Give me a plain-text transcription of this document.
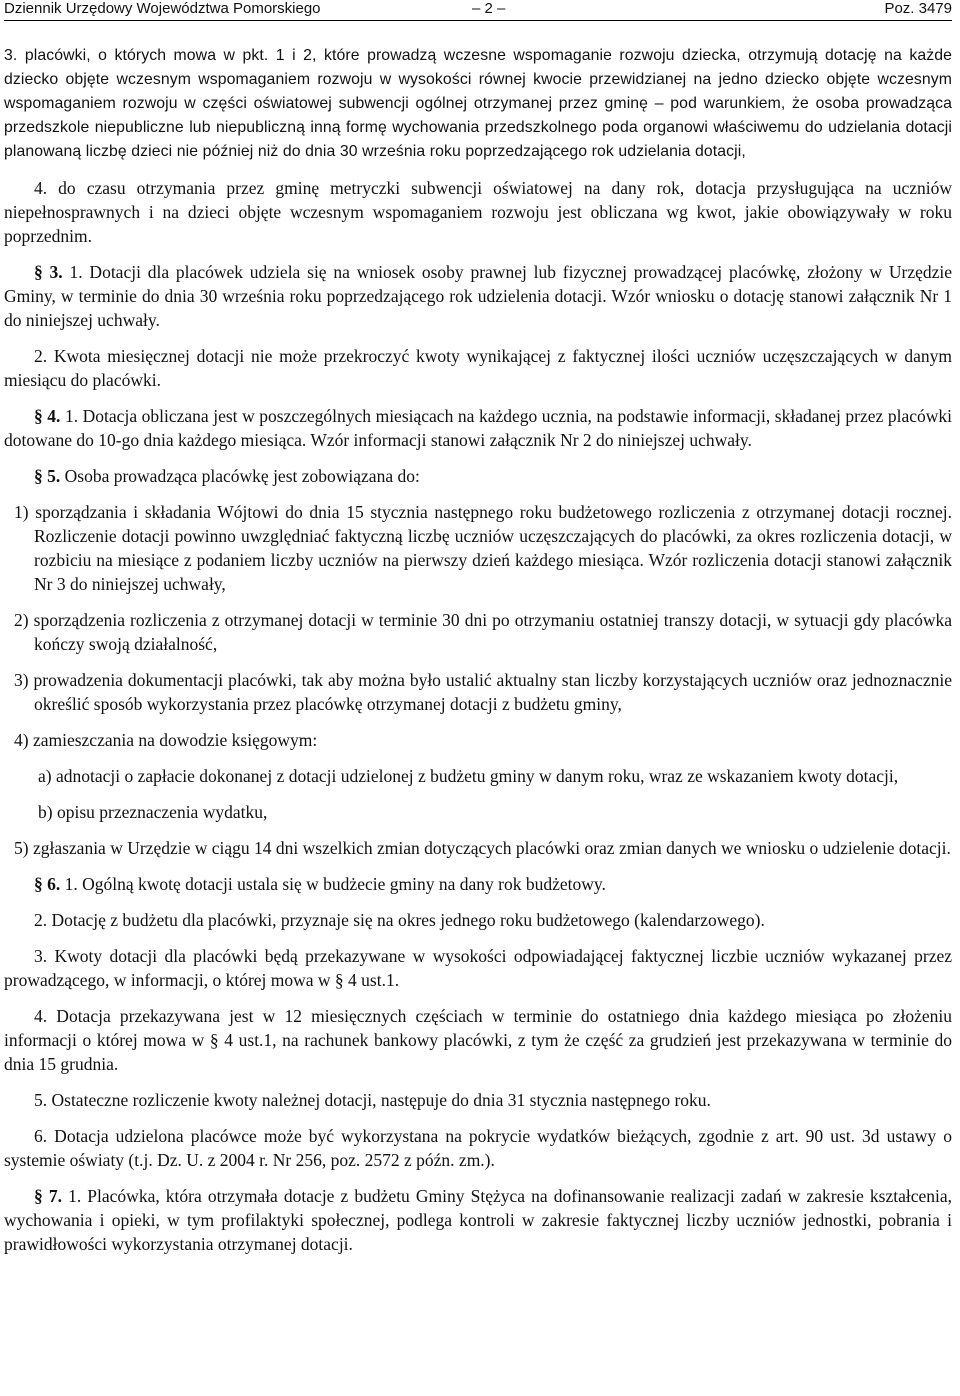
Dziennik Urzędowy Województwa Pomorskiego	– 2 –	Poz. 3479

3. placówki, o których mowa w pkt. 1 i 2, które prowadzą wczesne wspomaganie rozwoju dziecka, otrzymują dotację na każde dziecko objęte wczesnym wspomaganiem rozwoju w wysokości równej kwocie przewidzianej na jedno dziecko objęte wczesnym wspomaganiem rozwoju w części oświatowej subwencji ogólnej otrzymanej przez gminę – pod warunkiem, że osoba prowadząca przedszkole niepubliczne lub niepubliczną inną formę wychowania przedszkolnego poda organowi właściwemu do udzielania dotacji planowaną liczbę dzieci nie później niż do dnia 30 września roku poprzedzającego rok udzielania dotacji,

4. do czasu otrzymania przez gminę metryczki subwencji oświatowej na dany rok, dotacja przysługująca na uczniów niepełnosprawnych i na dzieci objęte wczesnym wspomaganiem rozwoju jest obliczana wg kwot, jakie obowiązywały w roku poprzednim.

§ 3. 1. Dotacji dla placówek udziela się na wniosek osoby prawnej lub fizycznej prowadzącej placówkę, złożony w Urzędzie Gminy, w terminie do dnia 30 września roku poprzedzającego rok udzielenia dotacji. Wzór wniosku o dotację stanowi załącznik Nr 1 do niniejszej uchwały.

2. Kwota miesięcznej dotacji nie może przekroczyć kwoty wynikającej z faktycznej ilości uczniów uczęszczających w danym miesiącu do placówki.

§ 4. 1. Dotacja obliczana jest w poszczególnych miesiącach na każdego ucznia, na podstawie informacji, składanej przez placówki dotowane do 10-go dnia każdego miesiąca. Wzór informacji stanowi załącznik Nr 2 do niniejszej uchwały.

§ 5. Osoba prowadząca placówkę jest zobowiązana do:

1) sporządzania i składania Wójtowi do dnia 15 stycznia następnego roku budżetowego rozliczenia z otrzymanej dotacji rocznej. Rozliczenie dotacji powinno uwzględniać faktyczną liczbę uczniów uczęszczających do placówki, za okres rozliczenia dotacji, w rozbiciu na miesiące z podaniem liczby uczniów na pierwszy dzień każdego miesiąca. Wzór rozliczenia dotacji stanowi załącznik Nr 3 do niniejszej uchwały,

2) sporządzenia rozliczenia z otrzymanej dotacji w terminie 30 dni po otrzymaniu ostatniej transzy dotacji, w sytuacji gdy placówka kończy swoją działalność,

3) prowadzenia dokumentacji placówki, tak aby można było ustalić aktualny stan liczby korzystających uczniów oraz jednoznacznie określić sposób wykorzystania przez placówkę otrzymanej dotacji z budżetu gminy,

4) zamieszczania na dowodzie księgowym:

a) adnotacji o zapłacie dokonanej z dotacji udzielonej z budżetu gminy w danym roku, wraz ze wskazaniem kwoty dotacji,

b) opisu przeznaczenia wydatku,

5) zgłaszania w Urzędzie w ciągu 14 dni wszelkich zmian dotyczących placówki oraz zmian danych we wniosku o udzielenie dotacji.

§ 6. 1. Ogólną kwotę dotacji ustala się w budżecie gminy na dany rok budżetowy.

2. Dotację z budżetu dla placówki, przyznaje się na okres jednego roku budżetowego (kalendarzowego).

3. Kwoty dotacji dla placówki będą przekazywane w wysokości odpowiadającej faktycznej liczbie uczniów wykazanej przez prowadzącego, w informacji, o której mowa w § 4 ust.1.

4. Dotacja przekazywana jest w 12 miesięcznych częściach w terminie do ostatniego dnia każdego miesiąca po złożeniu informacji o której mowa w § 4 ust.1, na rachunek bankowy placówki, z tym że część za grudzień jest przekazywana w terminie do dnia 15 grudnia.

5. Ostateczne rozliczenie kwoty należnej dotacji, następuje do dnia 31 stycznia następnego roku.

6. Dotacja udzielona placówce może być wykorzystana na pokrycie wydatków bieżących, zgodnie z art. 90 ust. 3d ustawy o systemie oświaty (t.j. Dz. U. z 2004 r. Nr 256, poz. 2572 z późn. zm.).

§ 7. 1. Placówka, która otrzymała dotacje z budżetu Gminy Stężyca na dofinansowanie realizacji zadań w zakresie kształcenia, wychowania i opieki, w tym profilaktyki społecznej, podlega kontroli w zakresie faktycznej liczby uczniów jednostki, pobrania i prawidłowości wykorzystania otrzymanej dotacji.
